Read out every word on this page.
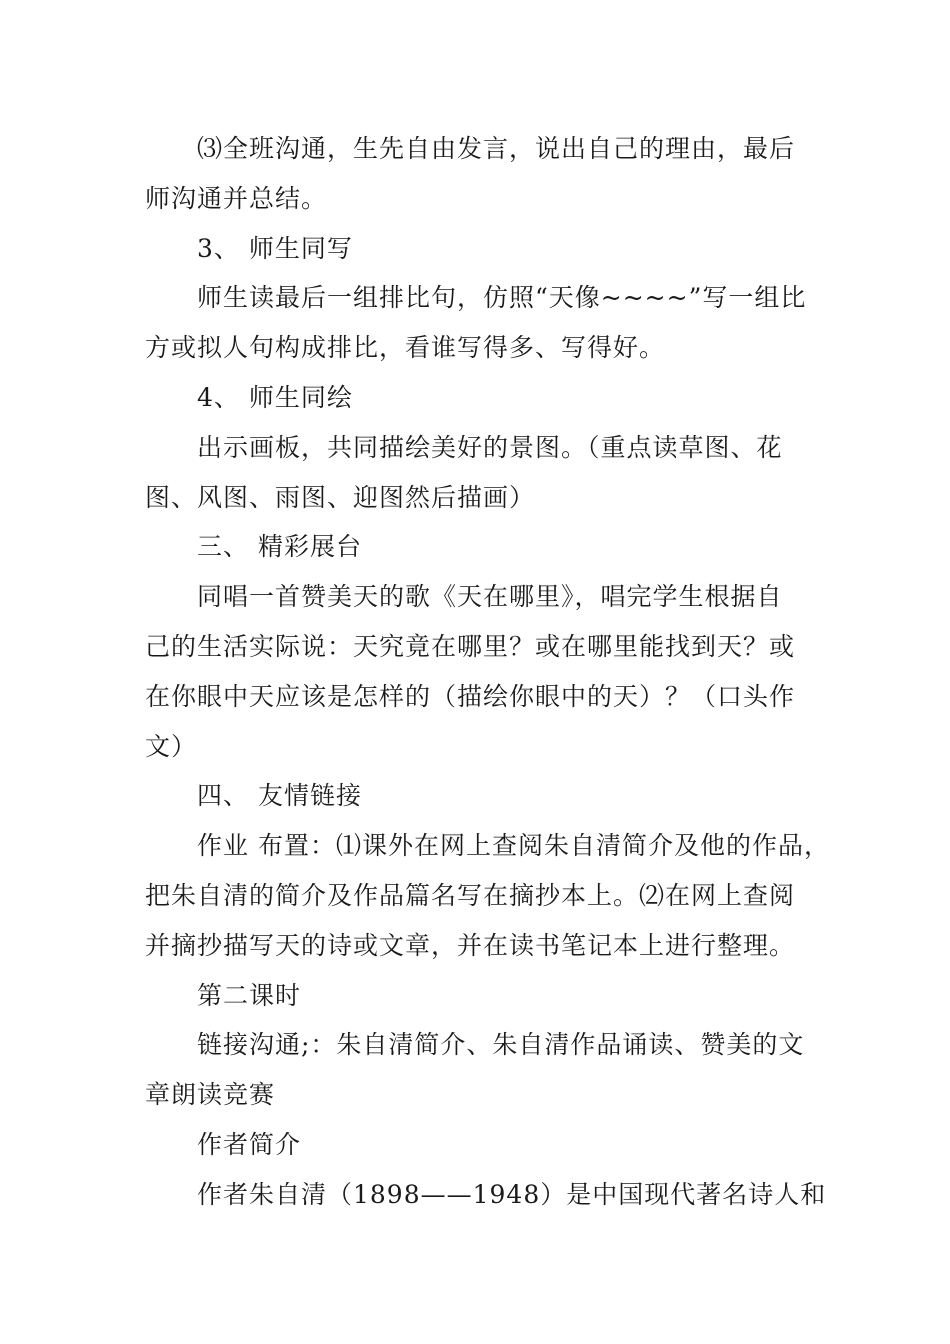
⑶全班沟通，生先自由发言，说出自己的理由，最后
师沟通并总结。
3、 师生同写
师生读最后一组排比句，仿照“天像~~~~”写一组比
方或拟人句构成排比，看谁写得多、写得好。
4、 师生同绘
出示画板，共同描绘美好的景图。（重点读草图、花
图、风图、雨图、迎图然后描画）
三、 精彩展台
同唱一首赞美天的歌《天在哪里》，唱完学生根据自
己的生活实际说：天究竟在哪里？或在哪里能找到天？或
在你眼中天应该是怎样的（描绘你眼中的天）？（口头作
文）
四、 友情链接
作业 布置：⑴课外在网上查阅朱自清简介及他的作品，
把朱自清的简介及作品篇名写在摘抄本上。⑵在网上查阅
并摘抄描写天的诗或文章，并在读书笔记本上进行整理。
第二课时
链接沟通;：朱自清简介、朱自清作品诵读、赞美的文
章朗读竞赛
作者简介
作者朱自清（1898——1948）是中国现代著名诗人和
